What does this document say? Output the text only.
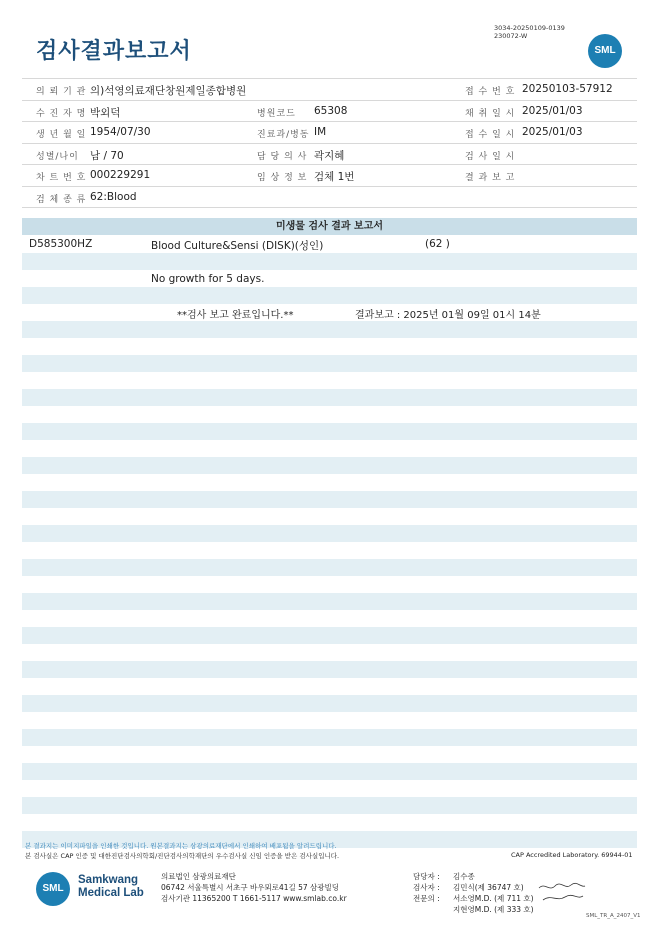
검사결과보고서
3034-20250109-0139
230072-W
SML
의 뢰 기 관 의)석영의료재단창원제일종합병원	접 수 번 호 20250103-57912
수 진 자 명 박외덕	병원코드 65308	채 취 일 시 2025/01/03
생 년 월 일 1954/07/30	진료과/병동 IM	접 수 일 시 2025/01/03
성별/나이 남 / 70	담 당 의 사 곽지혜	검 사 일 시
차 트 번 호 000229291	임 상 정 보 검체 1번	결 과 보 고
검 체 종 류 62:Blood
미생물 검사 결과 보고서
D585300HZ	Blood Culture&Sensi (DISK)(성인)	(62 )
No growth for 5 days.
**검사 보고 완료입니다.**	결과보고 : 2025년 01월 09일 01시 14분
본 결과지는 이미지파일을 인쇄한 것입니다. 원본결과지는 삼광의료재단에서 인쇄하여 배포됨을 알려드립니다.
본 검사실은 CAP 인증 및 대한진단검사의학회/진단검사의학재단의 우수검사실 신임 인증을 받은 검사실입니다.	CAP Accredited Laboratory. 69944-01
SML
Samkwang
Medical Lab
의료법인 삼광의료재단
06742 서울특별시 서초구 바우뫼로41길 57 삼광빌딩
검사기관 11365200 T 1661-5117 www.smlab.co.kr
담당자 : 김수종
검사자 : 김민식(제 36747 호)
전문의 : 서소영M.D. (제 711 호)
지현영M.D. (제 333 호)
SML_TR_A_2407_V1
